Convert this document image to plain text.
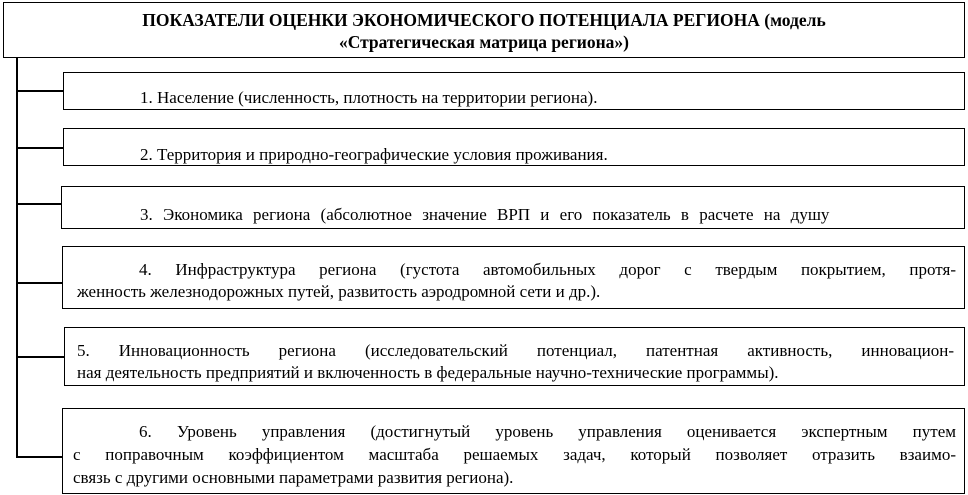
ПОКАЗАТЕЛИ ОЦЕНКИ ЭКОНОМИЧЕСКОГО ПОТЕНЦИАЛА РЕГИОНА (модель
«Стратегическая матрица региона»)
1. Население (численность, плотность на территории региона).
2. Территория и природно-географические условия проживания.
3. Экономика региона (абсолютное значение ВРП и его показатель в расчете на душу
4. Инфраструктура региона (густота автомобильных дорог с твердым покрытием, протя-
женность железнодорожных путей, развитость аэродромной сети и др.).
5. Инновационность региона (исследовательский потенциал, патентная активность, инновацион-
ная деятельность предприятий и включенность в федеральные научно-технические программы).
6. Уровень управления (достигнутый уровень управления оценивается экспертным путем
с поправочным коэффициентом масштаба решаемых задач, который позволяет отразить взаимо-
связь с другими основными параметрами развития региона).
